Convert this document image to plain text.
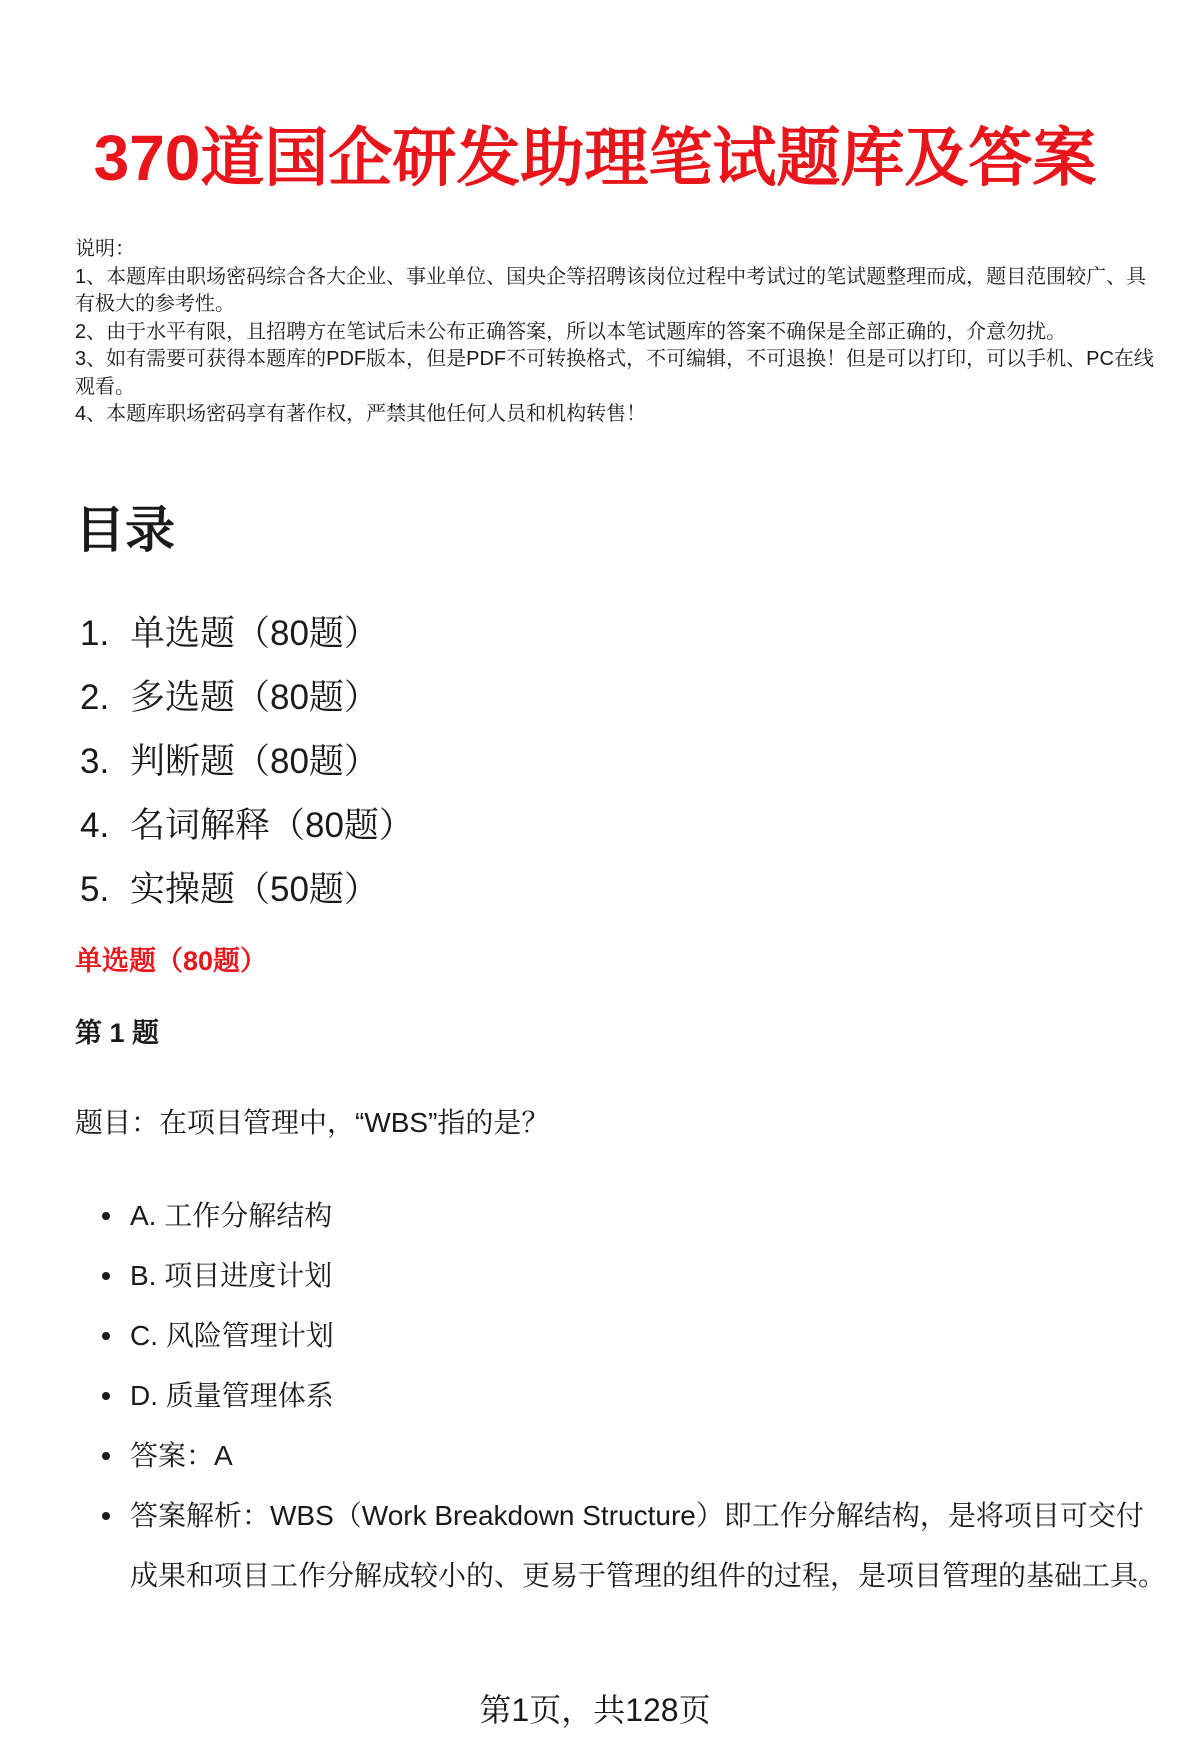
370道国企研发助理笔试题库及答案

说明：

1、本题库由职场密码综合各大企业、事业单位、国央企等招聘该岗位过程中考试过的笔试题整理而成，题目范围较广、具有极大的参考性。

2、由于水平有限，且招聘方在笔试后未公布正确答案，所以本笔试题库的答案不确保是全部正确的，介意勿扰。

3、如有需要可获得本题库的PDF版本，但是PDF不可转换格式，不可编辑，不可退换！但是可以打印，可以手机、PC在线观看。

4、本题库职场密码享有著作权，严禁其他任何人员和机构转售！

目录
1. 单选题（80题）
2. 多选题（80题）
3. 判断题（80题）
4. 名词解释（80题）
5. 实操题（50题）
单选题（80题）
第 1 题

题目：在项目管理中，“WBS”指的是？

A. 工作分解结构
B. 项目进度计划
C. 风险管理计划
D. 质量管理体系
答案：A
答案解析：WBS（Work Breakdown Structure）即工作分解结构，是将项目可交付成果和项目工作分解成较小的、更易于管理的组件的过程，是项目管理的基础工具。

第1页，共128页
